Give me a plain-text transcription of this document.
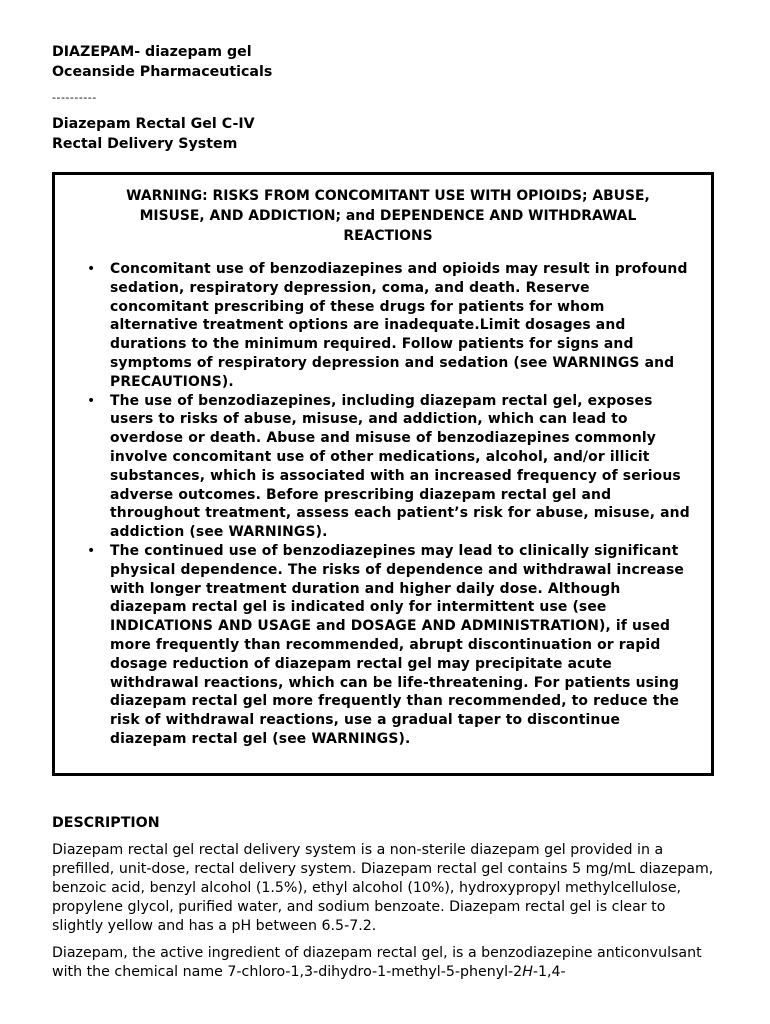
DIAZEPAM- diazepam gel

Oceanside Pharmaceuticals

----------

Diazepam Rectal Gel C-IV

Rectal Delivery System

WARNING: RISKS FROM CONCOMITANT USE WITH OPIOIDS; ABUSE, MISUSE, AND ADDICTION; and DEPENDENCE AND WITHDRAWAL REACTIONS

• Concomitant use of benzodiazepines and opioids may result in profound sedation, respiratory depression, coma, and death. Reserve concomitant prescribing of these drugs for patients for whom alternative treatment options are inadequate.Limit dosages and durations to the minimum required. Follow patients for signs and symptoms of respiratory depression and sedation (see WARNINGS and PRECAUTIONS).
• The use of benzodiazepines, including diazepam rectal gel, exposes users to risks of abuse, misuse, and addiction, which can lead to overdose or death. Abuse and misuse of benzodiazepines commonly involve concomitant use of other medications, alcohol, and/or illicit substances, which is associated with an increased frequency of serious adverse outcomes. Before prescribing diazepam rectal gel and throughout treatment, assess each patient’s risk for abuse, misuse, and addiction (see WARNINGS).
• The continued use of benzodiazepines may lead to clinically significant physical dependence. The risks of dependence and withdrawal increase with longer treatment duration and higher daily dose. Although diazepam rectal gel is indicated only for intermittent use (see INDICATIONS AND USAGE and DOSAGE AND ADMINISTRATION), if used more frequently than recommended, abrupt discontinuation or rapid dosage reduction of diazepam rectal gel may precipitate acute withdrawal reactions, which can be life-threatening. For patients using diazepam rectal gel more frequently than recommended, to reduce the risk of withdrawal reactions, use a gradual taper to discontinue diazepam rectal gel (see WARNINGS).

DESCRIPTION

Diazepam rectal gel rectal delivery system is a non-sterile diazepam gel provided in a prefilled, unit-dose, rectal delivery system. Diazepam rectal gel contains 5 mg/mL diazepam, benzoic acid, benzyl alcohol (1.5%), ethyl alcohol (10%), hydroxypropyl methylcellulose, propylene glycol, purified water, and sodium benzoate. Diazepam rectal gel is clear to slightly yellow and has a pH between 6.5-7.2.

Diazepam, the active ingredient of diazepam rectal gel, is a benzodiazepine anticonvulsant with the chemical name 7-chloro-1,3-dihydro-1-methyl-5-phenyl-2H-1,4-
